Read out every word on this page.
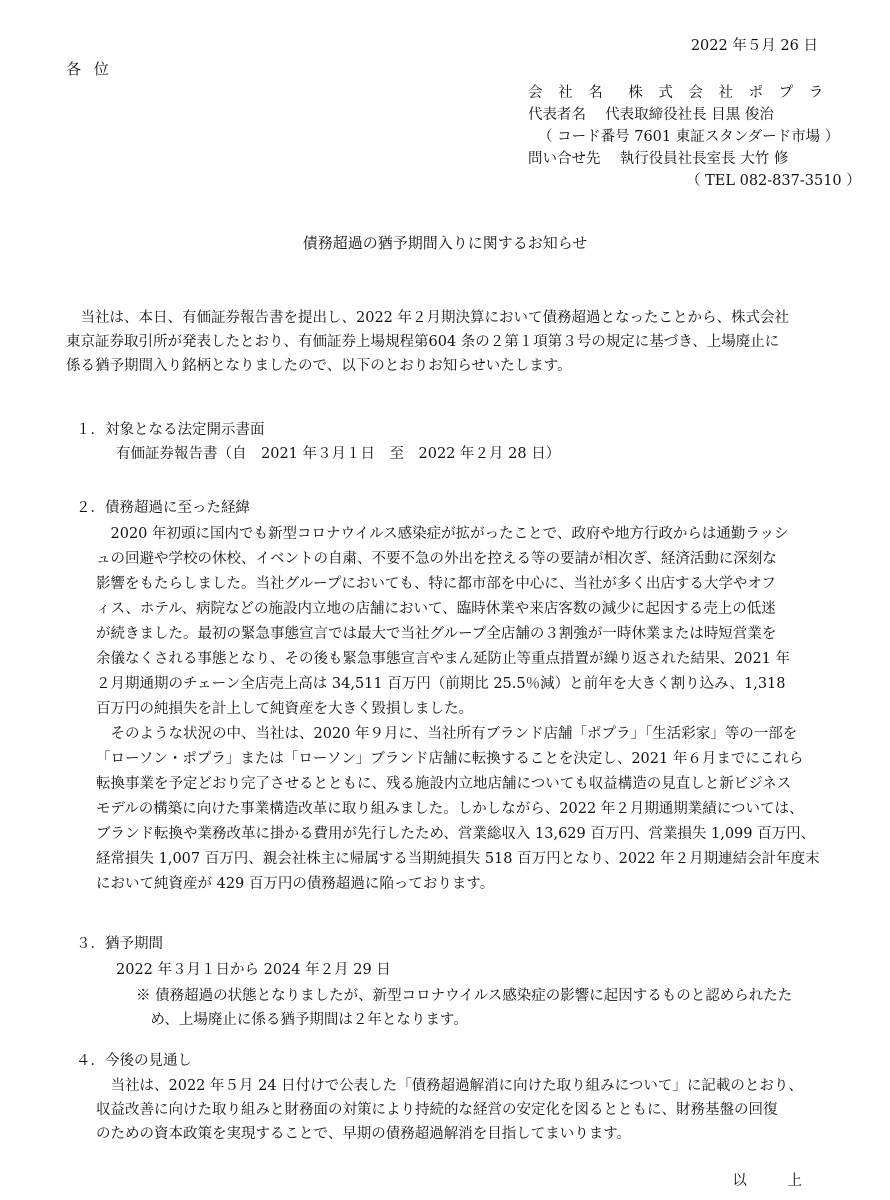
2022 年５月 26 日
各 位
会 社 名　株 式 会 社 ポ プ ラ
代表者名　 代表取締役社長 目黒 俊治
（ コード番号 7601 東証スタンダード市場 ）
問い合せ先　 執行役員社長室長 大竹 修
（ TEL 082-837-3510 ）
債務超過の猶予期間入りに関するお知らせ
　当社は、本日、有価証券報告書を提出し、2022 年２月期決算において債務超過となったことから、株式会社
東京証券取引所が発表したとおり、有価証券上場規程第604 条の２第１項第３号の規定に基づき、上場廃止に
係る猶予期間入り銘柄となりましたので、以下のとおりお知らせいたします。
１．対象となる法定開示書面
有価証券報告書（自　2021 年３月１日　至　2022 年２月 28 日）
２．債務超過に至った経緯
　2020 年初頭に国内でも新型コロナウイルス感染症が拡がったことで、政府や地方行政からは通勤ラッシ
ュの回避や学校の休校、イベントの自粛、不要不急の外出を控える等の要請が相次ぎ、経済活動に深刻な
影響をもたらしました。当社グループにおいても、特に都市部を中心に、当社が多く出店する大学やオフ
ィス、ホテル、病院などの施設内立地の店舗において、臨時休業や来店客数の減少に起因する売上の低迷
が続きました。最初の緊急事態宣言では最大で当社グループ全店舗の３割強が一時休業または時短営業を
余儀なくされる事態となり、その後も緊急事態宣言やまん延防止等重点措置が繰り返された結果、2021 年
２月期通期のチェーン全店売上高は 34,511 百万円（前期比 25.5％減）と前年を大きく割り込み、1,318
百万円の純損失を計上して純資産を大きく毀損しました。
　そのような状況の中、当社は、2020 年９月に、当社所有ブランド店舗「ポプラ」「生活彩家」等の一部を
「ローソン・ポプラ」または「ローソン」ブランド店舗に転換することを決定し、2021 年６月までにこれら
転換事業を予定どおり完了させるとともに、残る施設内立地店舗についても収益構造の見直しと新ビジネス
モデルの構築に向けた事業構造改革に取り組みました。しかしながら、2022 年２月期通期業績については、
ブランド転換や業務改革に掛かる費用が先行したため、営業総収入 13,629 百万円、営業損失 1,099 百万円、
経常損失 1,007 百万円、親会社株主に帰属する当期純損失 518 百万円となり、2022 年２月期連結会計年度末
において純資産が 429 百万円の債務超過に陥っております。
３．猶予期間
2022 年３月１日から 2024 年２月 29 日
※ 債務超過の状態となりましたが、新型コロナウイルス感染症の影響に起因するものと認められたた
　め、上場廃止に係る猶予期間は２年となります。
４．今後の見通し
　当社は、2022 年５月 24 日付けで公表した「債務超過解消に向けた取り組みについて」に記載のとおり、
収益改善に向けた取り組みと財務面の対策により持続的な経営の安定化を図るとともに、財務基盤の回復
のための資本政策を実現することで、早期の債務超過解消を目指してまいります。
以 上
